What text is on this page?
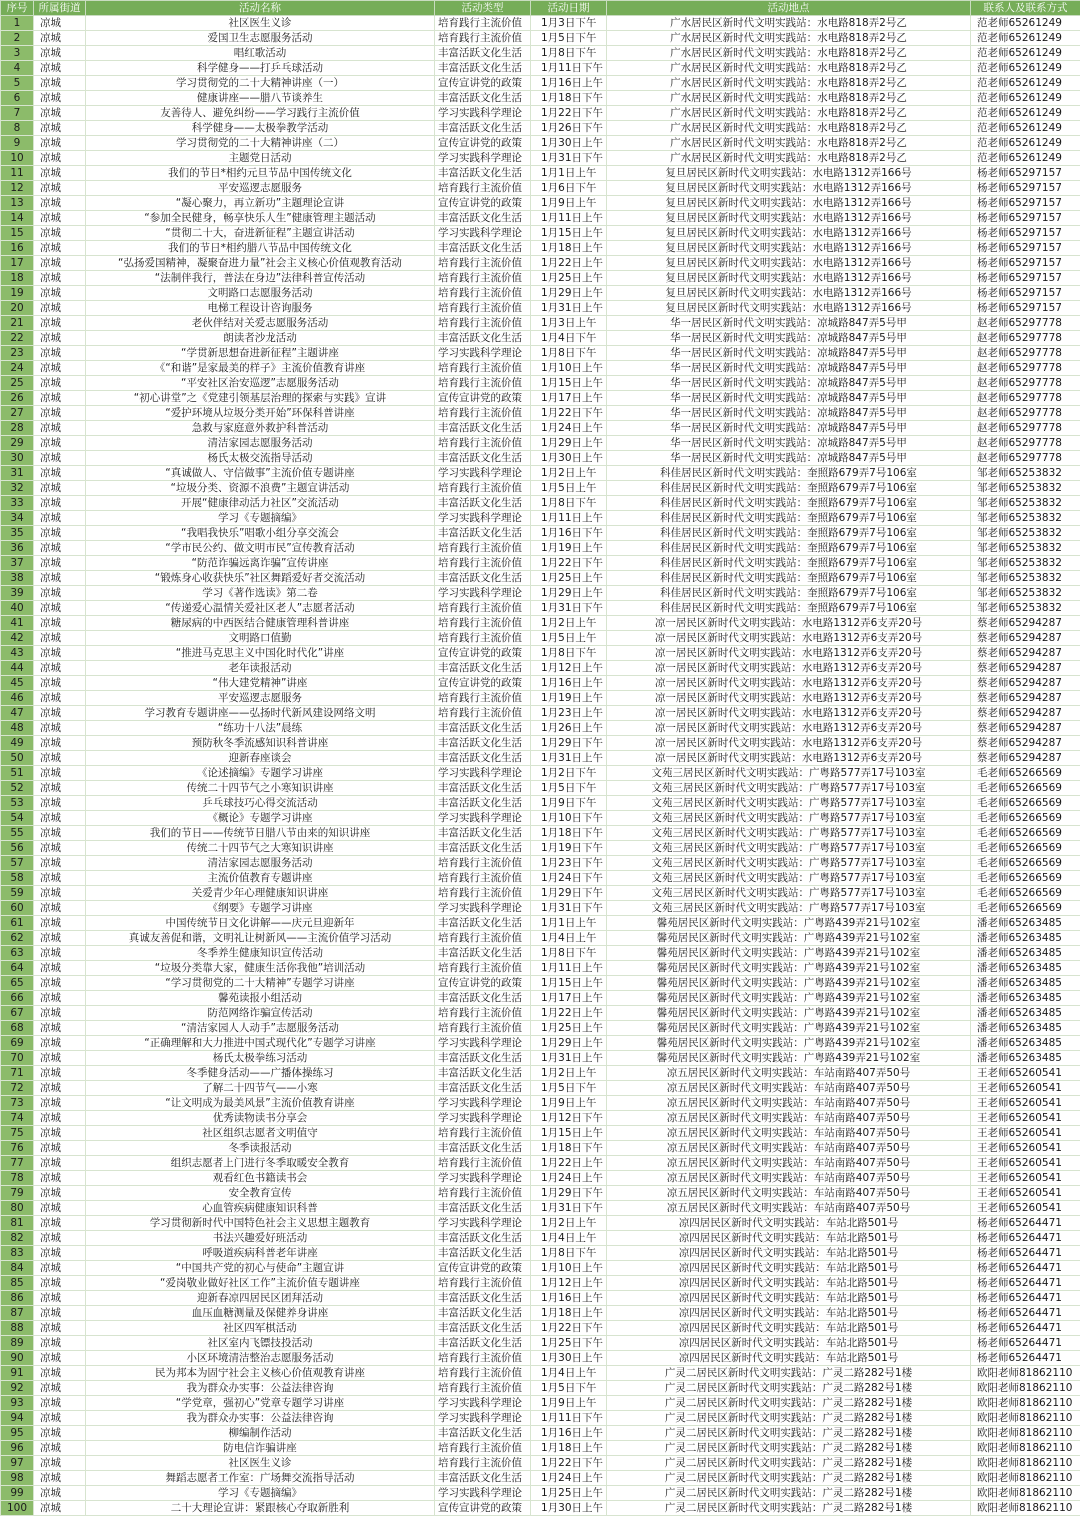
序号	所属街道	活动名称	活动类型	活动日期	活动地点	联系人及联系方式
1	凉城	社区医生义诊	培育践行主流价值	1月3日下午	广水居民区新时代文明实践站：水电路818弄2号乙	范老师65261249
2	凉城	爱国卫生志愿服务活动	培育践行主流价值	1月5日下午	广水居民区新时代文明实践站：水电路818弄2号乙	范老师65261249
3	凉城	唱红歌活动	丰富活跃文化生活	1月8日下午	广水居民区新时代文明实践站：水电路818弄2号乙	范老师65261249
4	凉城	科学健身——打乒乓球活动	丰富活跃文化生活	1月11日下午	广水居民区新时代文明实践站：水电路818弄2号乙	范老师65261249
5	凉城	学习贯彻党的二十大精神讲座（一）	宣传宣讲党的政策	1月16日上午	广水居民区新时代文明实践站：水电路818弄2号乙	范老师65261249
6	凉城	健康讲座——腊八节谈养生	丰富活跃文化生活	1月18日下午	广水居民区新时代文明实践站：水电路818弄2号乙	范老师65261249
7	凉城	友善待人、避免纠纷——学习践行主流价值	学习实践科学理论	1月22日下午	广水居民区新时代文明实践站：水电路818弄2号乙	范老师65261249
8	凉城	科学健身——太极拳教学活动	丰富活跃文化生活	1月26日下午	广水居民区新时代文明实践站：水电路818弄2号乙	范老师65261249
9	凉城	学习贯彻党的二十大精神讲座（二）	宣传宣讲党的政策	1月30日上午	广水居民区新时代文明实践站：水电路818弄2号乙	范老师65261249
10	凉城	主题党日活动	学习实践科学理论	1月31日下午	广水居民区新时代文明实践站：水电路818弄2号乙	范老师65261249
11	凉城	我们的节日*相约元旦节品中国传统文化	丰富活跃文化生活	1月1日上午	复旦居民区新时代文明实践站：水电路1312弄166号	杨老师65297157
12	凉城	平安巡逻志愿服务	培育践行主流价值	1月6日下午	复旦居民区新时代文明实践站：水电路1312弄166号	杨老师65297157
13	凉城	“凝心聚力，再立新功”主题理论宣讲	宣传宣讲党的政策	1月9日上午	复旦居民区新时代文明实践站：水电路1312弄166号	杨老师65297157
14	凉城	“参加全民健身，畅享快乐人生”健康管理主题活动	丰富活跃文化生活	1月11日上午	复旦居民区新时代文明实践站：水电路1312弄166号	杨老师65297157
15	凉城	“贯彻二十大，奋进新征程”主题宣讲活动	学习实践科学理论	1月15日上午	复旦居民区新时代文明实践站：水电路1312弄166号	杨老师65297157
16	凉城	我们的节日*相约腊八节品中国传统文化	丰富活跃文化生活	1月18日上午	复旦居民区新时代文明实践站：水电路1312弄166号	杨老师65297157
17	凉城	“弘扬爱国精神，凝聚奋进力量”社会主义核心价值观教育活动	培育践行主流价值	1月22日上午	复旦居民区新时代文明实践站：水电路1312弄166号	杨老师65297157
18	凉城	“法制伴我行，普法在身边”法律科普宣传活动	培育践行主流价值	1月25日上午	复旦居民区新时代文明实践站：水电路1312弄166号	杨老师65297157
19	凉城	文明路口志愿服务活动	培育践行主流价值	1月29日上午	复旦居民区新时代文明实践站：水电路1312弄166号	杨老师65297157
20	凉城	电梯工程设计咨询服务	培育践行主流价值	1月31日上午	复旦居民区新时代文明实践站：水电路1312弄166号	杨老师65297157
21	凉城	老伙伴结对关爱志愿服务活动	培育践行主流价值	1月3日上午	华一居民区新时代文明实践站：凉城路847弄5号甲	赵老师65297778
22	凉城	朗读者沙龙活动	丰富活跃文化生活	1月4日下午	华一居民区新时代文明实践站：凉城路847弄5号甲	赵老师65297778
23	凉城	“学贯新思想奋进新征程”主题讲座	学习实践科学理论	1月8日下午	华一居民区新时代文明实践站：凉城路847弄5号甲	赵老师65297778
24	凉城	《“和谐”是家最美的样子》主流价值教育讲座	培育践行主流价值	1月10日上午	华一居民区新时代文明实践站：凉城路847弄5号甲	赵老师65297778
25	凉城	“平安社区治安巡逻”志愿服务活动	培育践行主流价值	1月15日上午	华一居民区新时代文明实践站：凉城路847弄5号甲	赵老师65297778
26	凉城	“初心讲堂”之《党建引领基层治理的探索与实践》宣讲	宣传宣讲党的政策	1月17日上午	华一居民区新时代文明实践站：凉城路847弄5号甲	赵老师65297778
27	凉城	“爱护环境从垃圾分类开始”环保科普讲座	培育践行主流价值	1月22日下午	华一居民区新时代文明实践站：凉城路847弄5号甲	赵老师65297778
28	凉城	急救与家庭意外救护科普活动	丰富活跃文化生活	1月24日上午	华一居民区新时代文明实践站：凉城路847弄5号甲	赵老师65297778
29	凉城	清洁家园志愿服务活动	培育践行主流价值	1月29日上午	华一居民区新时代文明实践站：凉城路847弄5号甲	赵老师65297778
30	凉城	杨氏太极交流指导活动	丰富活跃文化生活	1月30日上午	华一居民区新时代文明实践站：凉城路847弄5号甲	赵老师65297778
31	凉城	“真诚做人、守信做事”主流价值专题讲座	学习实践科学理论	1月2日上午	科佳居民区新时代文明实践站：奎照路679弄7号106室	邹老师65253832
32	凉城	“垃圾分类、资源不浪费”主题宣讲活动	培育践行主流价值	1月5日上午	科佳居民区新时代文明实践站：奎照路679弄7号106室	邹老师65253832
33	凉城	开展“健康律动活力社区”交流活动	丰富活跃文化生活	1月8日下午	科佳居民区新时代文明实践站：奎照路679弄7号106室	邹老师65253832
34	凉城	学习《专题摘编》	学习实践科学理论	1月11日上午	科佳居民区新时代文明实践站：奎照路679弄7号106室	邹老师65253832
35	凉城	“我唱我快乐”唱歌小组分享交流会	丰富活跃文化生活	1月16日下午	科佳居民区新时代文明实践站：奎照路679弄7号106室	邹老师65253832
36	凉城	“学市民公约、做文明市民”宣传教育活动	培育践行主流价值	1月19日上午	科佳居民区新时代文明实践站：奎照路679弄7号106室	邹老师65253832
37	凉城	“防范诈骗远离诈骗”宣传讲座	培育践行主流价值	1月22日下午	科佳居民区新时代文明实践站：奎照路679弄7号106室	邹老师65253832
38	凉城	“锻炼身心收获快乐”社区舞蹈爱好者交流活动	丰富活跃文化生活	1月25日上午	科佳居民区新时代文明实践站：奎照路679弄7号106室	邹老师65253832
39	凉城	学习《著作选读》第二卷	学习实践科学理论	1月29日上午	科佳居民区新时代文明实践站：奎照路679弄7号106室	邹老师65253832
40	凉城	“传递爱心温情关爱社区老人”志愿者活动	培育践行主流价值	1月31日下午	科佳居民区新时代文明实践站：奎照路679弄7号106室	邹老师65253832
41	凉城	糖尿病的中西医结合健康管理科普讲座	培育践行主流价值	1月2日上午	凉一居民区新时代文明实践站：水电路1312弄6支弄20号	蔡老师65294287
42	凉城	文明路口值勤	培育践行主流价值	1月5日上午	凉一居民区新时代文明实践站：水电路1312弄6支弄20号	蔡老师65294287
43	凉城	“推进马克思主义中国化时代化”讲座	宣传宣讲党的政策	1月8日下午	凉一居民区新时代文明实践站：水电路1312弄6支弄20号	蔡老师65294287
44	凉城	老年读报活动	丰富活跃文化生活	1月12日上午	凉一居民区新时代文明实践站：水电路1312弄6支弄20号	蔡老师65294287
45	凉城	“伟大建党精神”讲座	宣传宣讲党的政策	1月16日上午	凉一居民区新时代文明实践站：水电路1312弄6支弄20号	蔡老师65294287
46	凉城	平安巡逻志愿服务	培育践行主流价值	1月19日上午	凉一居民区新时代文明实践站：水电路1312弄6支弄20号	蔡老师65294287
47	凉城	学习教育专题讲座——弘扬时代新风建设网络文明	培育践行主流价值	1月23日上午	凉一居民区新时代文明实践站：水电路1312弄6支弄20号	蔡老师65294287
48	凉城	“练功十八法”晨练	丰富活跃文化生活	1月26日上午	凉一居民区新时代文明实践站：水电路1312弄6支弄20号	蔡老师65294287
49	凉城	预防秋冬季流感知识科普讲座	丰富活跃文化生活	1月29日下午	凉一居民区新时代文明实践站：水电路1312弄6支弄20号	蔡老师65294287
50	凉城	迎新春座谈会	丰富活跃文化生活	1月31日上午	凉一居民区新时代文明实践站：水电路1312弄6支弄20号	蔡老师65294287
51	凉城	《论述摘编》专题学习讲座	学习实践科学理论	1月2日下午	文苑三居民区新时代文明实践站：广粤路577弄17号103室	毛老师65266569
52	凉城	传统二十四节气之小寒知识讲座	丰富活跃文化生活	1月5日下午	文苑三居民区新时代文明实践站：广粤路577弄17号103室	毛老师65266569
53	凉城	乒乓球技巧心得交流活动	丰富活跃文化生活	1月9日下午	文苑三居民区新时代文明实践站：广粤路577弄17号103室	毛老师65266569
54	凉城	《概论》专题学习讲座	学习实践科学理论	1月10日下午	文苑三居民区新时代文明实践站：广粤路577弄17号103室	毛老师65266569
55	凉城	我们的节日——传统节日腊八节由来的知识讲座	丰富活跃文化生活	1月18日下午	文苑三居民区新时代文明实践站：广粤路577弄17号103室	毛老师65266569
56	凉城	传统二十四节气之大寒知识讲座	丰富活跃文化生活	1月19日下午	文苑三居民区新时代文明实践站：广粤路577弄17号103室	毛老师65266569
57	凉城	清洁家园志愿服务活动	培育践行主流价值	1月23日下午	文苑三居民区新时代文明实践站：广粤路577弄17号103室	毛老师65266569
58	凉城	主流价值教育专题讲座	培育践行主流价值	1月24日下午	文苑三居民区新时代文明实践站：广粤路577弄17号103室	毛老师65266569
59	凉城	关爱青少年心理健康知识讲座	培育践行主流价值	1月29日下午	文苑三居民区新时代文明实践站：广粤路577弄17号103室	毛老师65266569
60	凉城	《纲要》专题学习讲座	学习实践科学理论	1月31日下午	文苑三居民区新时代文明实践站：广粤路577弄17号103室	毛老师65266569
61	凉城	中国传统节日文化讲解——庆元旦迎新年	丰富活跃文化生活	1月1日上午	馨苑居民区新时代文明实践站：广粤路439弄21号102室	潘老师65263485
62	凉城	真诚友善促和谐，文明礼让树新风——主流价值学习活动	培育践行主流价值	1月4日上午	馨苑居民区新时代文明实践站：广粤路439弄21号102室	潘老师65263485
63	凉城	冬季养生健康知识宣传活动	丰富活跃文化生活	1月8日下午	馨苑居民区新时代文明实践站：广粤路439弄21号102室	潘老师65263485
64	凉城	“垃圾分类靠大家，健康生活你我他”培训活动	培育践行主流价值	1月11日上午	馨苑居民区新时代文明实践站：广粤路439弄21号102室	潘老师65263485
65	凉城	“学习贯彻党的二十大精神”专题学习讲座	宣传宣讲党的政策	1月15日上午	馨苑居民区新时代文明实践站：广粤路439弄21号102室	潘老师65263485
66	凉城	馨苑读报小组活动	丰富活跃文化生活	1月17日上午	馨苑居民区新时代文明实践站：广粤路439弄21号102室	潘老师65263485
67	凉城	防范网络诈骗宣传活动	培育践行主流价值	1月22日上午	馨苑居民区新时代文明实践站：广粤路439弄21号102室	潘老师65263485
68	凉城	“清洁家园人人动手”志愿服务活动	培育践行主流价值	1月25日上午	馨苑居民区新时代文明实践站：广粤路439弄21号102室	潘老师65263485
69	凉城	“正确理解和大力推进中国式现代化”专题学习讲座	学习实践科学理论	1月29日上午	馨苑居民区新时代文明实践站：广粤路439弄21号102室	潘老师65263485
70	凉城	杨氏太极拳练习活动	丰富活跃文化生活	1月31日上午	馨苑居民区新时代文明实践站：广粤路439弄21号102室	潘老师65263485
71	凉城	冬季健身活动——广播体操练习	丰富活跃文化生活	1月2日上午	凉五居民区新时代文明实践站：车站南路407弄50号	王老师65260541
72	凉城	了解二十四节气——小寒	丰富活跃文化生活	1月5日下午	凉五居民区新时代文明实践站：车站南路407弄50号	王老师65260541
73	凉城	“让文明成为最美风景”主流价值教育讲座	学习实践科学理论	1月9日上午	凉五居民区新时代文明实践站：车站南路407弄50号	王老师65260541
74	凉城	优秀读物读书分享会	学习实践科学理论	1月12日下午	凉五居民区新时代文明实践站：车站南路407弄50号	王老师65260541
75	凉城	社区组织志愿者文明值守	培育践行主流价值	1月15日上午	凉五居民区新时代文明实践站：车站南路407弄50号	王老师65260541
76	凉城	冬季读报活动	丰富活跃文化生活	1月18日下午	凉五居民区新时代文明实践站：车站南路407弄50号	王老师65260541
77	凉城	组织志愿者上门进行冬季取暖安全教育	培育践行主流价值	1月22日上午	凉五居民区新时代文明实践站：车站南路407弄50号	王老师65260541
78	凉城	观看红色书籍读书会	学习实践科学理论	1月24日上午	凉五居民区新时代文明实践站：车站南路407弄50号	王老师65260541
79	凉城	安全教育宣传	培育践行主流价值	1月29日下午	凉五居民区新时代文明实践站：车站南路407弄50号	王老师65260541
80	凉城	心血管疾病健康知识科普	丰富活跃文化生活	1月31日下午	凉五居民区新时代文明实践站：车站南路407弄50号	王老师65260541
81	凉城	学习贯彻新时代中国特色社会主义思想主题教育	学习实践科学理论	1月2日上午	凉四居民区新时代文明实践站：车站北路501号	杨老师65264471
82	凉城	书法兴趣爱好班活动	丰富活跃文化生活	1月4日上午	凉四居民区新时代文明实践站：车站北路501号	杨老师65264471
83	凉城	呼吸道疾病科普老年讲座	丰富活跃文化生活	1月8日下午	凉四居民区新时代文明实践站：车站北路501号	杨老师65264471
84	凉城	“中国共产党的初心与使命”主题宣讲	宣传宣讲党的政策	1月10日上午	凉四居民区新时代文明实践站：车站北路501号	杨老师65264471
85	凉城	“爱岗敬业做好社区工作”主流价值专题讲座	培育践行主流价值	1月12日上午	凉四居民区新时代文明实践站：车站北路501号	杨老师65264471
86	凉城	迎新春凉四居民区团拜活动	丰富活跃文化生活	1月16日上午	凉四居民区新时代文明实践站：车站北路501号	杨老师65264471
87	凉城	血压血糖测量及保健养身讲座	丰富活跃文化生活	1月18日上午	凉四居民区新时代文明实践站：车站北路501号	杨老师65264471
88	凉城	社区四军棋活动	丰富活跃文化生活	1月22日下午	凉四居民区新时代文明实践站：车站北路501号	杨老师65264471
89	凉城	社区室内飞镖技投活动	丰富活跃文化生活	1月25日下午	凉四居民区新时代文明实践站：车站北路501号	杨老师65264471
90	凉城	小区环境清洁整治志愿服务活动	培育践行主流价值	1月30日上午	凉四居民区新时代文明实践站：车站北路501号	杨老师65264471
91	凉城	民为邦本为固宁社会主义核心价值观教育讲座	培育践行主流价值	1月4日上午	广灵二居民区新时代文明实践站：广灵二路282号1楼	欧阳老师81862110
92	凉城	我为群众办实事：公益法律咨询	培育践行主流价值	1月5日下午	广灵二居民区新时代文明实践站：广灵二路282号1楼	欧阳老师81862110
93	凉城	“学党章，强初心”党章专题学习讲座	学习实践科学理论	1月9日上午	广灵二居民区新时代文明实践站：广灵二路282号1楼	欧阳老师81862110
94	凉城	我为群众办实事：公益法律咨询	学习实践科学理论	1月11日下午	广灵二居民区新时代文明实践站：广灵二路282号1楼	欧阳老师81862110
95	凉城	柳编制作活动	丰富活跃文化生活	1月16日上午	广灵二居民区新时代文明实践站：广灵二路282号1楼	欧阳老师81862110
96	凉城	防电信诈骗讲座	培育践行主流价值	1月18日上午	广灵二居民区新时代文明实践站：广灵二路282号1楼	欧阳老师81862110
97	凉城	社区医生义诊	培育践行主流价值	1月22日下午	广灵二居民区新时代文明实践站：广灵二路282号1楼	欧阳老师81862110
98	凉城	舞蹈志愿者工作室：广场舞交流指导活动	丰富活跃文化生活	1月24日上午	广灵二居民区新时代文明实践站：广灵二路282号1楼	欧阳老师81862110
99	凉城	学习《专题摘编》	学习实践科学理论	1月25日上午	广灵二居民区新时代文明实践站：广灵二路282号1楼	欧阳老师81862110
100	凉城	二十大理论宣讲：紧跟核心夺取新胜利	宣传宣讲党的政策	1月30日上午	广灵二居民区新时代文明实践站：广灵二路282号1楼	欧阳老师81862110
